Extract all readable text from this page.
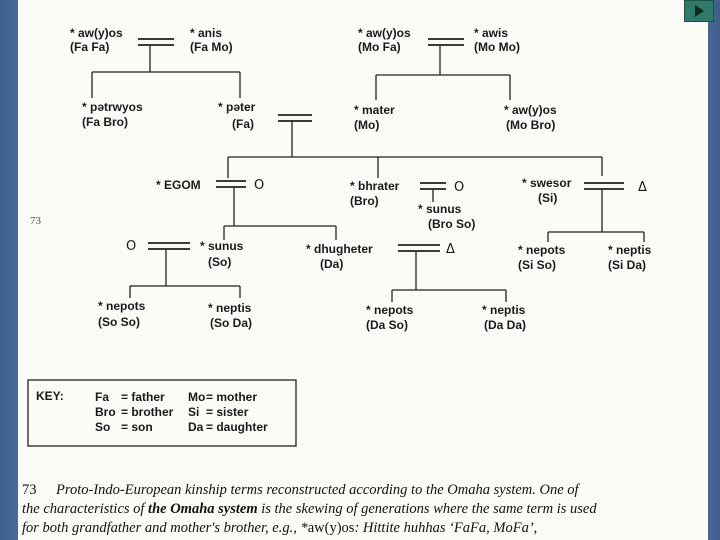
* aw(y)os
(Fa Fa)
* anis
(Fa Mo)
* aw(y)os
(Mo Fa)
* awis
(Mo Mo)
* pətrwyos
(Fa Bro)
* pəter
(Fa)
* mater
(Mo)
* aw(y)os
(Mo Bro)
* EGOM	O	* bhrater
(Bro)
O
* sunus
(Bro So)
* swesor
(Si)
Δ
O	* sunus
(So)
* dhugheter
(Da)
Δ	* nepots
(Si So)
* neptis
(Si Da)
* nepots
(So So)
* neptis
(So Da)
* nepots
(Da So)
* neptis
(Da Da)
73
KEY:	Fa = father Mo = mother
Bro = brother Si = sister
So = son	Da = daughter
73 Proto-Indo-European kinship terms reconstructed according to the Omaha system. One of
the characteristics of the Omaha system is the skewing of generations where the same term is used
for both grandfather and mother's brother, e.g., *aw(y)os: Hittite huhhas ‘FaFa, MoFa’,
